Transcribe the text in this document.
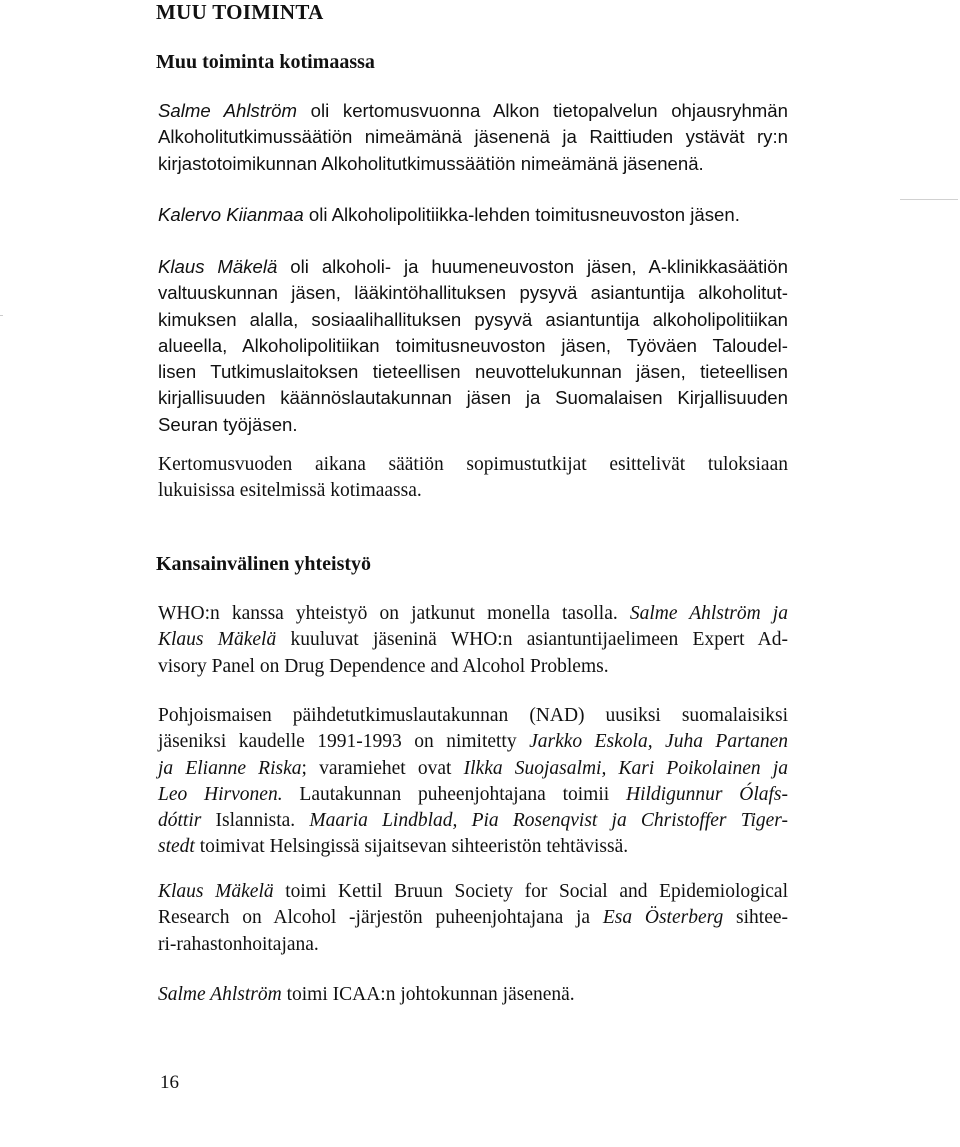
MUU TOIMINTA
Muu toiminta kotimaassa
Salme Ahlström oli kertomusvuonna Alkon tietopalvelun ohjausryhmän
Alkoholitutkimussäätiön nimeämänä jäsenenä ja Raittiuden ystävät ry:n
kirjastotoimikunnan Alkoholitutkimussäätiön nimeämänä jäsenenä.
Kalervo Kiianmaa oli Alkoholipolitiikka-lehden toimitusneuvoston jäsen.
Klaus Mäkelä oli alkoholi- ja huumeneuvoston jäsen, A-klinikkasäätiön
valtuuskunnan jäsen, lääkintöhallituksen pysyvä asiantuntija alkoholitut-
kimuksen alalla, sosiaalihallituksen pysyvä asiantuntija alkoholipolitiikan
alueella, Alkoholipolitiikan toimitusneuvoston jäsen, Työväen Taloudel-
lisen Tutkimuslaitoksen tieteellisen neuvottelukunnan jäsen, tieteellisen
kirjallisuuden käännöslautakunnan jäsen ja Suomalaisen Kirjallisuuden
Seuran työjäsen.
Kertomusvuoden aikana säätiön sopimustutkijat esittelivät tuloksiaan
lukuisissa esitelmissä kotimaassa.
Kansainvälinen yhteistyö
WHO:n kanssa yhteistyö on jatkunut monella tasolla. Salme Ahlström ja
Klaus Mäkelä kuuluvat jäseninä WHO:n asiantuntijaelimeen Expert Ad-
visory Panel on Drug Dependence and Alcohol Problems.
Pohjoismaisen päihdetutkimuslautakunnan (NAD) uusiksi suomalaisiksi
jäseniksi kaudelle 1991-1993 on nimitetty Jarkko Eskola, Juha Partanen
ja Elianne Riska; varamiehet ovat Ilkka Suojasalmi, Kari Poikolainen ja
Leo Hirvonen. Lautakunnan puheenjohtajana toimii Hildigunnur Ólafs-
dóttir Islannista. Maaria Lindblad, Pia Rosenqvist ja Christoffer Tiger-
stedt toimivat Helsingissä sijaitsevan sihteeristön tehtävissä.
Klaus Mäkelä toimi Kettil Bruun Society for Social and Epidemiological
Research on Alcohol -järjestön puheenjohtajana ja Esa Österberg sihtee-
ri-rahastonhoitajana.
Salme Ahlström toimi ICAA:n johtokunnan jäsenenä.
16
